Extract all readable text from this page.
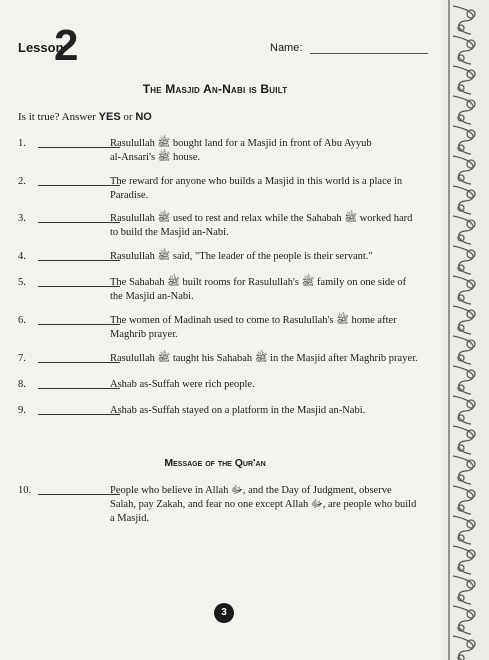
Lesson
2	Name:
The Masjid An-Nabi is Built
Is it true? Answer YES or NO
1.	Rasulullah ﷺ bought land for a Masjid in front of Abu Ayyub
al-Ansari's ﷺ house.
2.	The reward for anyone who builds a Masjid in this world is a place in
Paradise.
3.	Rasulullah ﷺ used to rest and relax while the Sahabah ﷺ worked hard
to build the Masjid an-Nabi.
4.	Rasulullah ﷺ said, "The leader of the people is their servant."
5.	The Sahabah ﷺ built rooms for Rasulullah's ﷺ family on one side of
the Masjid an-Nabi.
6.	The women of Madinah used to come to Rasulullah's ﷺ home after
Maghrib prayer.
7.	Rasulullah ﷺ taught his Sahabah ﷺ in the Masjid after Maghrib prayer.
8.	Ashab as-Suffah were rich people.
9.	Ashab as-Suffah stayed on a platform in the Masjid an-Nabi.
Message of the Qur'an
10.	People who believe in Allah ﷻ, and the Day of Judgment, observe
Salah, pay Zakah, and fear no one except Allah ﷻ, are people who build
a Masjid.
3
